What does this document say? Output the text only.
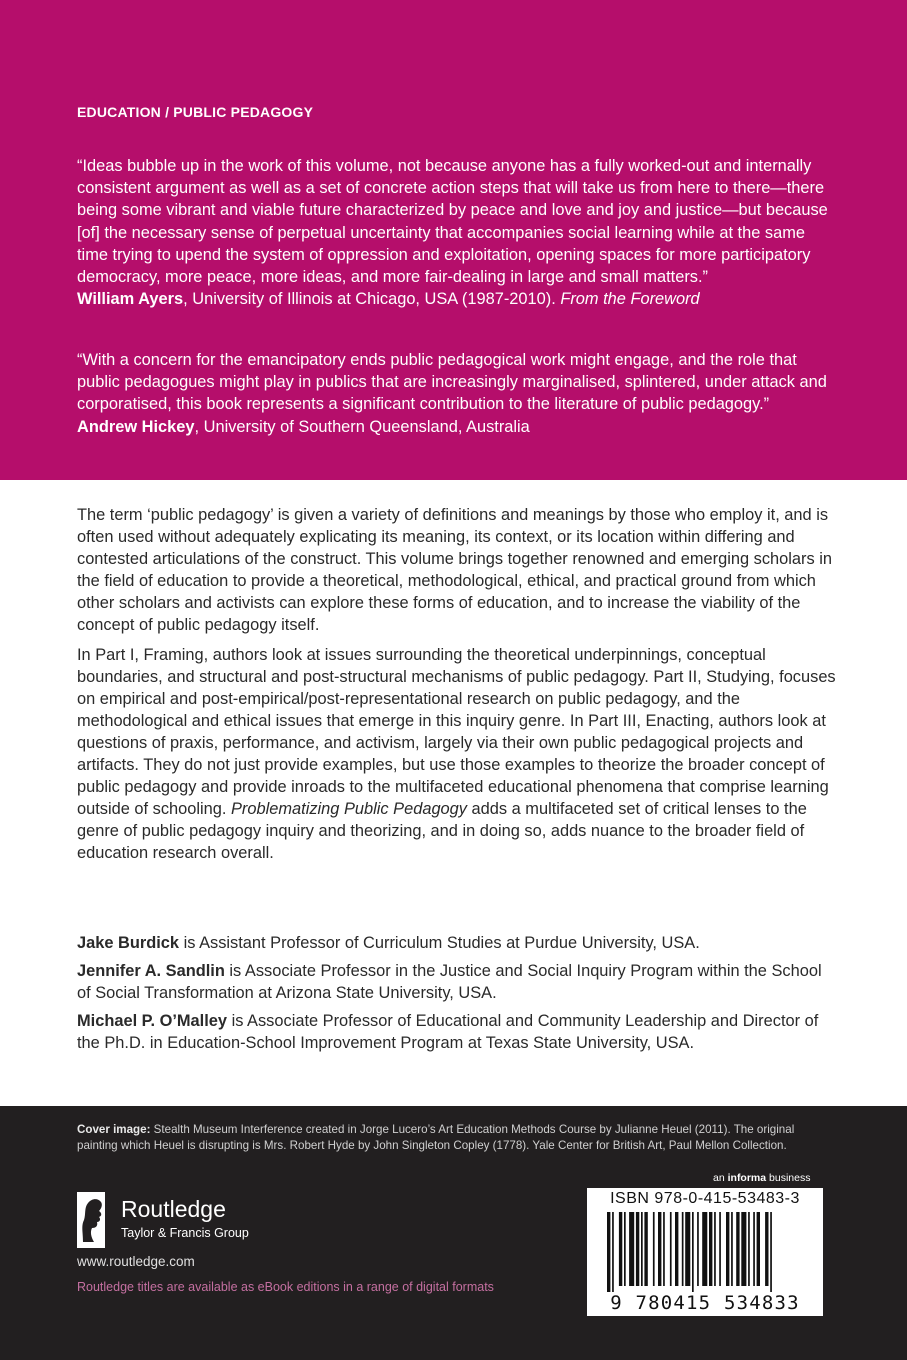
EDUCATION / PUBLIC PEDAGOGY
“Ideas bubble up in the work of this volume, not because anyone has a fully worked-out and internally consistent argument as well as a set of concrete action steps that will take us from here to there—there being some vibrant and viable future characterized by peace and love and joy and justice—but because [of] the necessary sense of perpetual uncertainty that accompanies social learning while at the same time trying to upend the system of oppression and exploitation, opening spaces for more participatory democracy, more peace, more ideas, and more fair-dealing in large and small matters.”
William Ayers, University of Illinois at Chicago, USA (1987-2010). From the Foreword
“With a concern for the emancipatory ends public pedagogical work might engage, and the role that public pedagogues might play in publics that are increasingly marginalised, splintered, under attack and corporatised, this book represents a significant contribution to the literature of public pedagogy.”
Andrew Hickey, University of Southern Queensland, Australia

The term ‘public pedagogy’ is given a variety of definitions and meanings by those who employ it, and is often used without adequately explicating its meaning, its context, or its location within differing and contested articulations of the construct. This volume brings together renowned and emerging scholars in the field of education to provide a theoretical, methodological, ethical, and practical ground from which other scholars and activists can explore these forms of education, and to increase the viability of the concept of public pedagogy itself.

In Part I, Framing, authors look at issues surrounding the theoretical underpinnings, conceptual boundaries, and structural and post-structural mechanisms of public pedagogy. Part II, Studying, focuses on empirical and post-empirical/post-representational research on public pedagogy, and the methodological and ethical issues that emerge in this inquiry genre. In Part III, Enacting, authors look at questions of praxis, performance, and activism, largely via their own public pedagogical projects and artifacts. They do not just provide examples, but use those examples to theorize the broader concept of public pedagogy and provide inroads to the multifaceted educational phenomena that comprise learning outside of schooling. Problematizing Public Pedagogy adds a multifaceted set of critical lenses to the genre of public pedagogy inquiry and theorizing, and in doing so, adds nuance to the broader field of education research overall.

Jake Burdick is Assistant Professor of Curriculum Studies at Purdue University, USA.

Jennifer A. Sandlin is Associate Professor in the Justice and Social Inquiry Program within the School of Social Transformation at Arizona State University, USA.

Michael P. O’Malley is Associate Professor of Educational and Community Leadership and Director of the Ph.D. in Education-School Improvement Program at Texas State University, USA.

Cover image: Stealth Museum Interference created in Jorge Lucero’s Art Education Methods Course by Julianne Heuel (2011). The original painting which Heuel is disrupting is Mrs. Robert Hyde by John Singleton Copley (1778). Yale Center for British Art, Paul Mellon Collection.
Routledge
Taylor & Francis Group
www.routledge.com
Routledge titles are available as eBook editions in a range of digital formats
an informa business
ISBN 978-0-415-53483-3
9 780415 534833
